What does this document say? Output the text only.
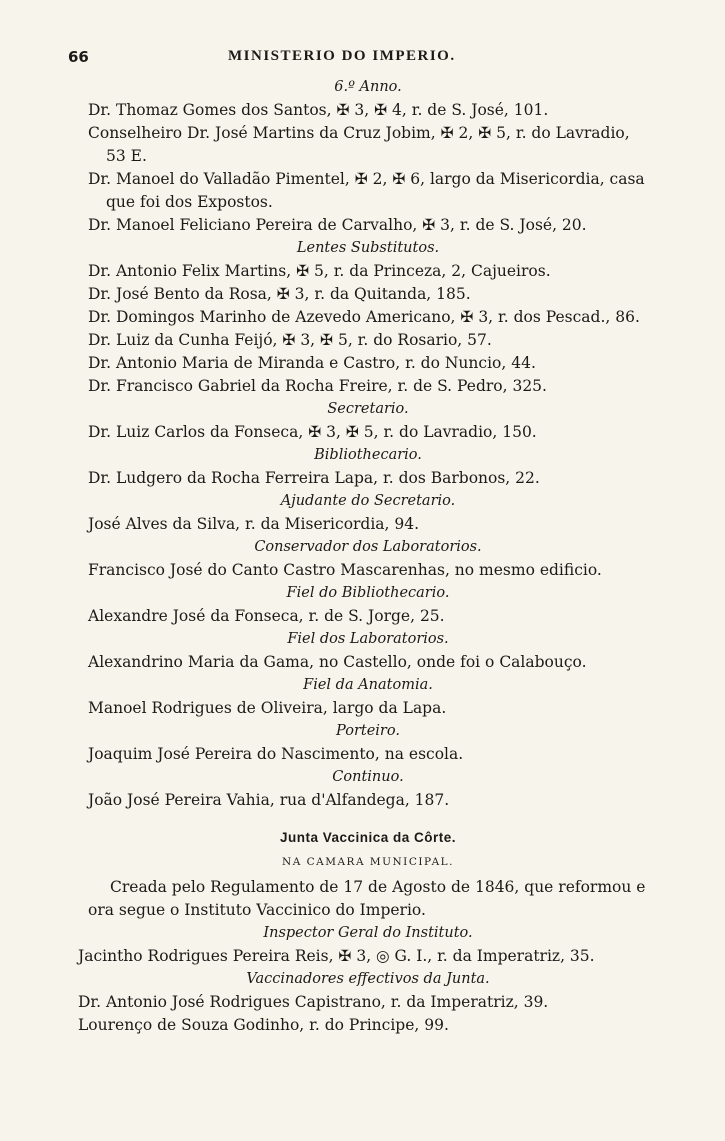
66	MINISTERIO DO IMPERIO.
6.º Anno.
Dr. Thomaz Gomes dos Santos, ✠ 3, ✠ 4, r. de S. José, 101.
Conselheiro Dr. José Martins da Cruz Jobim, ✠ 2, ✠ 5, r. do Lavradio, 53 E.
Dr. Manoel do Valladão Pimentel, ✠ 2, ✠ 6, largo da Misericordia, casa que foi dos Expostos.
Dr. Manoel Feliciano Pereira de Carvalho, ✠ 3, r. de S. José, 20.
Lentes Substitutos.
Dr. Antonio Felix Martins, ✠ 5, r. da Princeza, 2, Cajueiros.
Dr. José Bento da Rosa, ✠ 3, r. da Quitanda, 185.
Dr. Domingos Marinho de Azevedo Americano, ✠ 3, r. dos Pescad., 86.
Dr. Luiz da Cunha Feijó, ✠ 3, ✠ 5, r. do Rosario, 57.
Dr. Antonio Maria de Miranda e Castro, r. do Nuncio, 44.
Dr. Francisco Gabriel da Rocha Freire, r. de S. Pedro, 325.
Secretario.
Dr. Luiz Carlos da Fonseca, ✠ 3, ✠ 5, r. do Lavradio, 150.
Bibliothecario.
Dr. Ludgero da Rocha Ferreira Lapa, r. dos Barbonos, 22.
Ajudante do Secretario.
José Alves da Silva, r. da Misericordia, 94.
Conservador dos Laboratorios.
Francisco José do Canto Castro Mascarenhas, no mesmo edificio.
Fiel do Bibliothecario.
Alexandre José da Fonseca, r. de S. Jorge, 25.
Fiel dos Laboratorios.
Alexandrino Maria da Gama, no Castello, onde foi o Calabouço.
Fiel da Anatomia.
Manoel Rodrigues de Oliveira, largo da Lapa.
Porteiro.
Joaquim José Pereira do Nascimento, na escola.
Continuo.
João José Pereira Vahia, rua d'Alfandega, 187.
Junta Vaccinica da Côrte.
NA CAMARA MUNICIPAL.
Creada pelo Regulamento de 17 de Agosto de 1846, que reformou e ora segue o Instituto Vaccinico do Imperio.
Inspector Geral do Instituto.
Jacintho Rodrigues Pereira Reis, ✠ 3, ◎ G. I., r. da Imperatriz, 35.
Vaccinadores effectivos da Junta.
Dr. Antonio José Rodrigues Capistrano, r. da Imperatriz, 39.
Lourenço de Souza Godinho, r. do Principe, 99.
